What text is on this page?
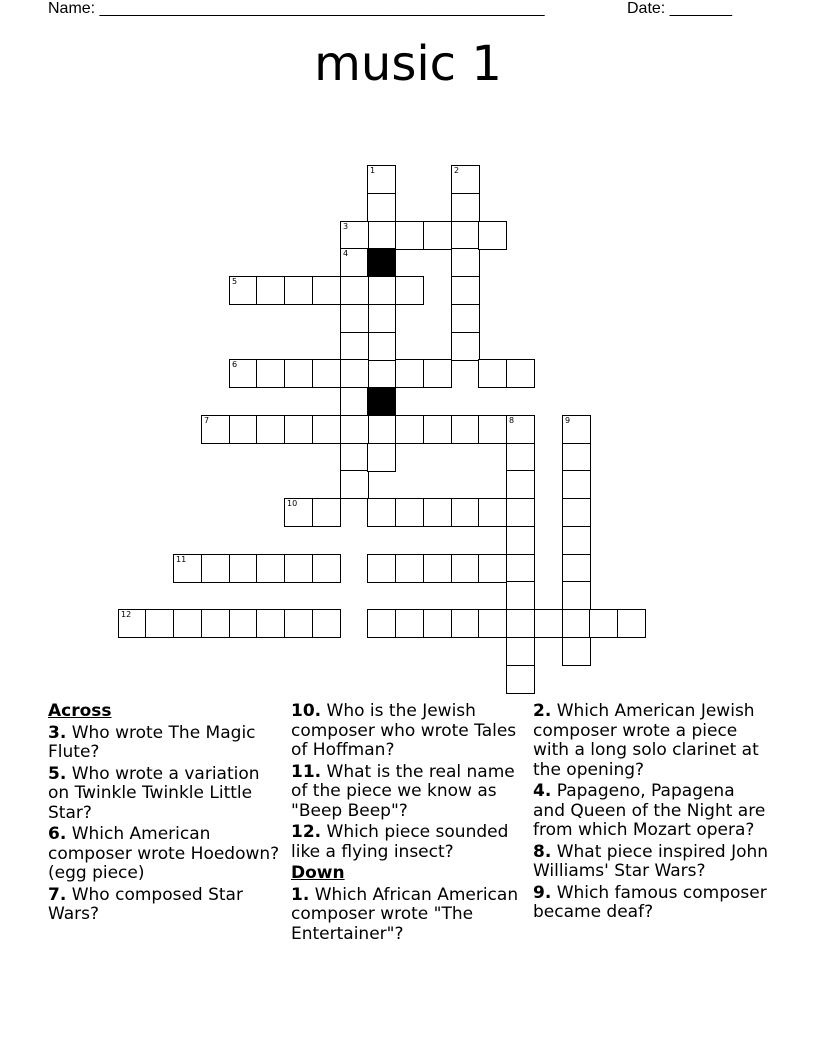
Name: __________________________________________________	Date: _______
music 1
1	2
3
4
5
6
7	8	9
10
11
12
Across
3. Who wrote The Magic Flute?
5. Who wrote a variation on Twinkle Twinkle Little Star?
6. Which American composer wrote Hoedown? (egg piece)
7. Who composed Star Wars?
10. Who is the Jewish composer who wrote Tales of Hoffman?
11. What is the real name of the piece we know as "Beep Beep"?
12. Which piece sounded like a flying insect?
Down
1. Which African American composer wrote "The Entertainer"?
2. Which American Jewish composer wrote a piece with a long solo clarinet at the opening?
4. Papageno, Papagena and Queen of the Night are from which Mozart opera?
8. What piece inspired John Williams' Star Wars?
9. Which famous composer became deaf?
